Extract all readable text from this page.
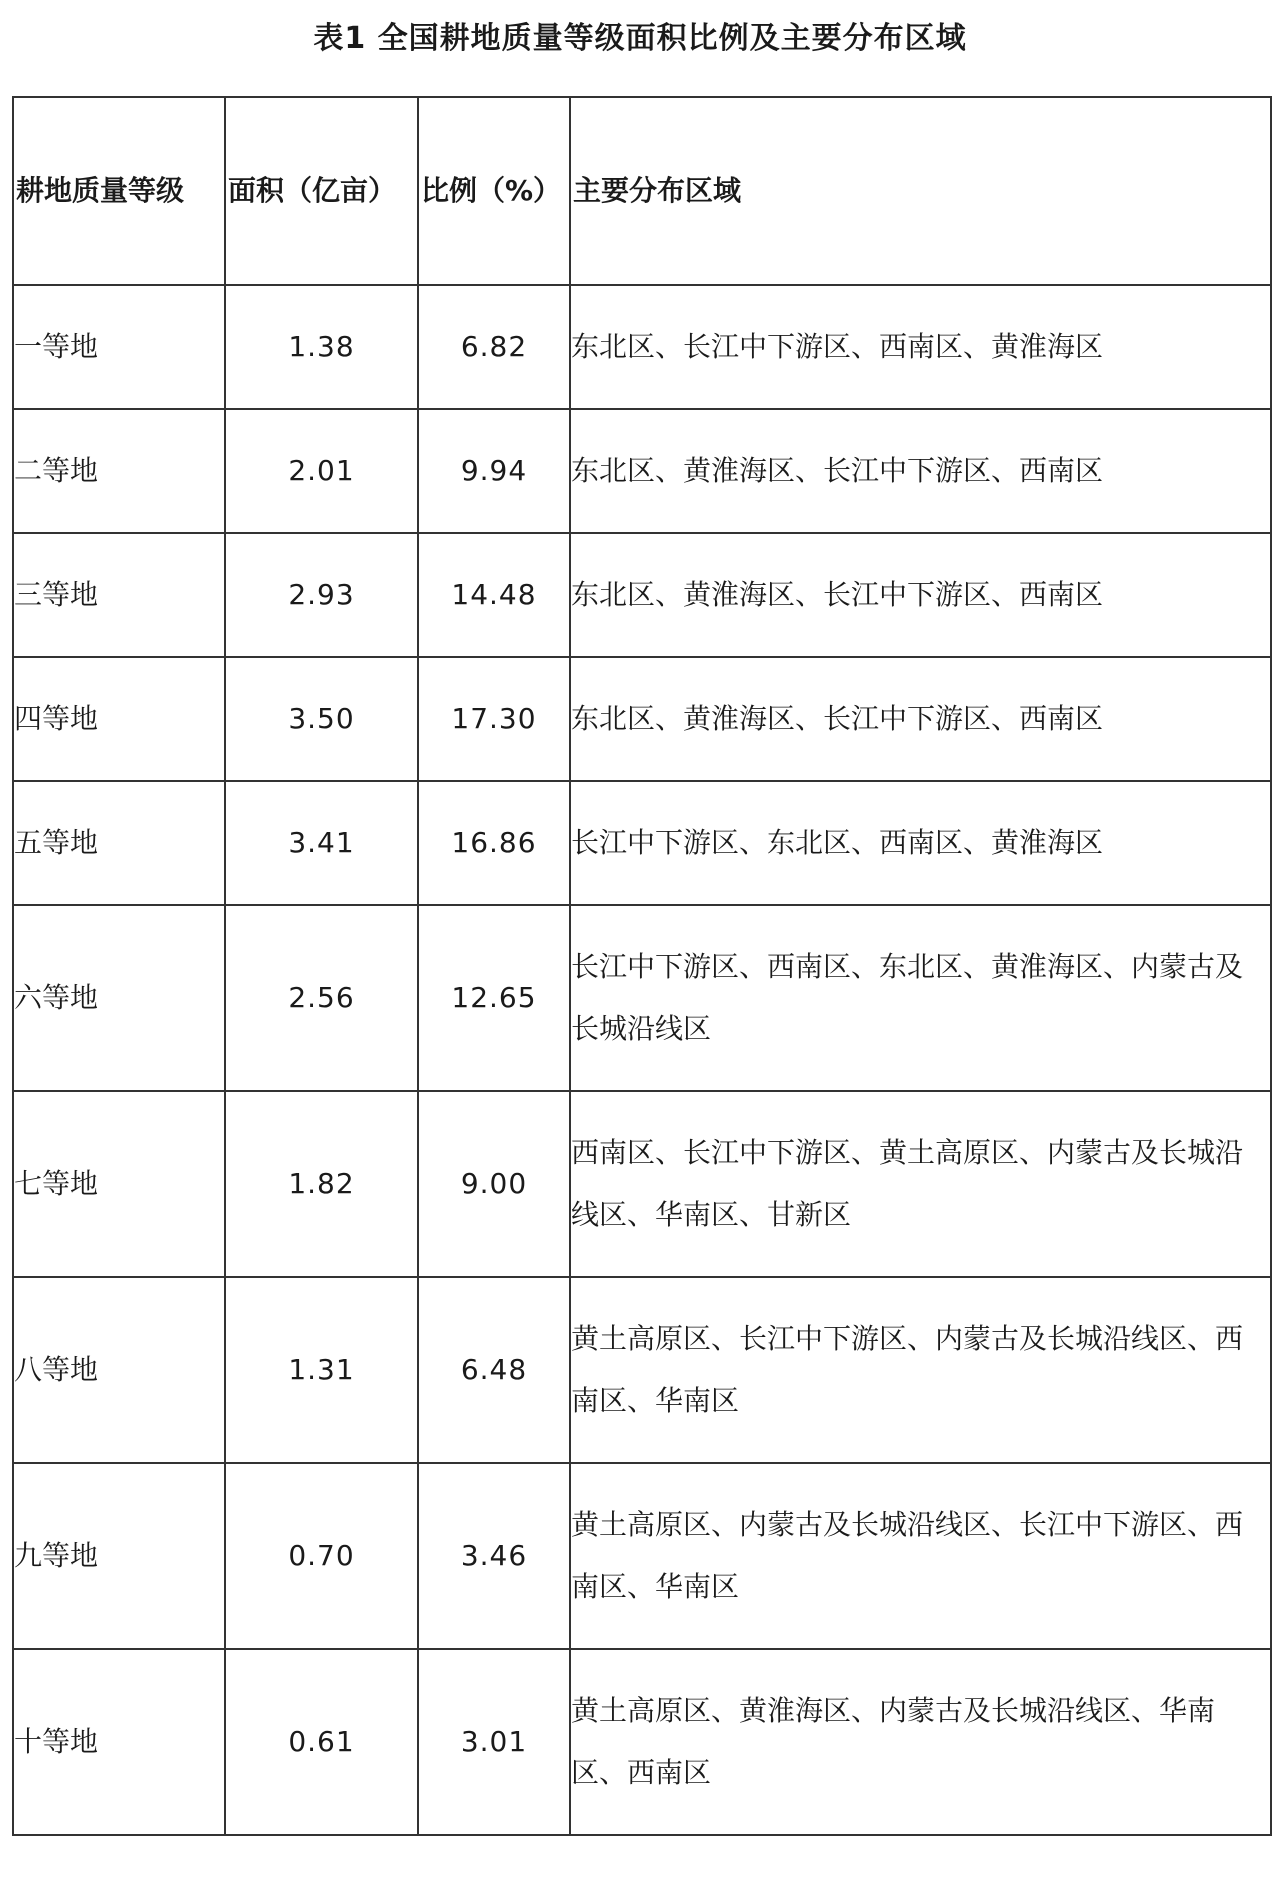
表1 全国耕地质量等级面积比例及主要分布区域
耕地质量等级	面积（亿亩）	比例（%）	主要分布区域
一等地	1.38	6.82	东北区、长江中下游区、西南区、黄淮海区
二等地	2.01	9.94	东北区、黄淮海区、长江中下游区、西南区
三等地	2.93	14.48	东北区、黄淮海区、长江中下游区、西南区
四等地	3.50	17.30	东北区、黄淮海区、长江中下游区、西南区
五等地	3.41	16.86	长江中下游区、东北区、西南区、黄淮海区
六等地	2.56	12.65	长江中下游区、西南区、东北区、黄淮海区、内蒙古及长城沿线区
七等地	1.82	9.00	西南区、长江中下游区、黄土高原区、内蒙古及长城沿线区、华南区、甘新区
八等地	1.31	6.48	黄土高原区、长江中下游区、内蒙古及长城沿线区、西南区、华南区
九等地	0.70	3.46	黄土高原区、内蒙古及长城沿线区、长江中下游区、西南区、华南区
十等地	0.61	3.01	黄土高原区、黄淮海区、内蒙古及长城沿线区、华南区、西南区
